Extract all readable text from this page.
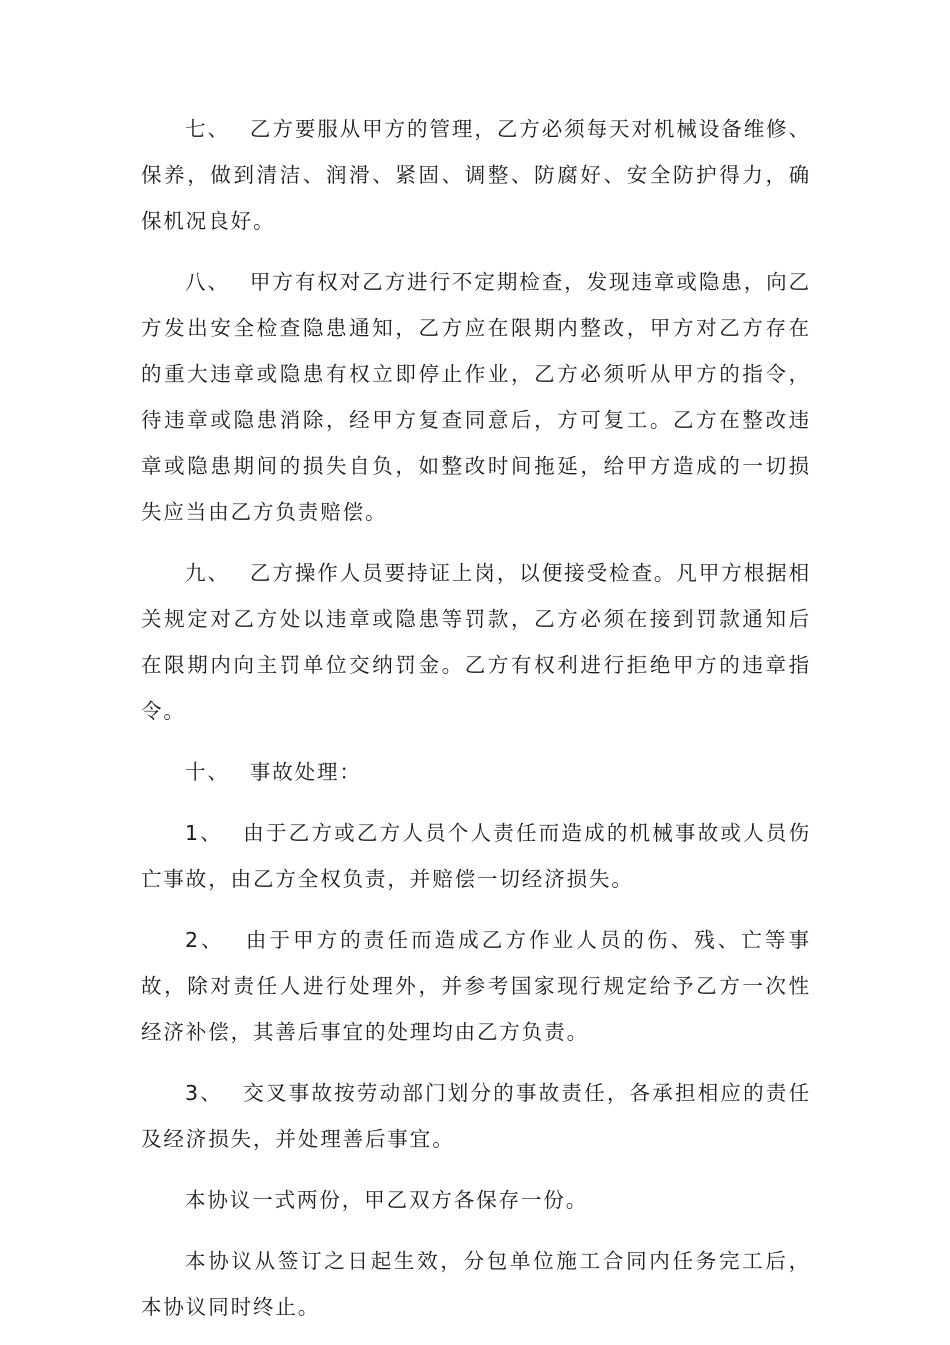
七、 乙方要服从甲方的管理，乙方必须每天对机械设备维修、保养，做到清洁、润滑、紧固、调整、防腐好、安全防护得力，确保机况良好。

八、 甲方有权对乙方进行不定期检查，发现违章或隐患，向乙方发出安全检查隐患通知，乙方应在限期内整改，甲方对乙方存在的重大违章或隐患有权立即停止作业，乙方必须听从甲方的指令，待违章或隐患消除，经甲方复查同意后，方可复工。乙方在整改违章或隐患期间的损失自负，如整改时间拖延，给甲方造成的一切损失应当由乙方负责赔偿。

九、 乙方操作人员要持证上岗，以便接受检查。凡甲方根据相关规定对乙方处以违章或隐患等罚款，乙方必须在接到罚款通知后在限期内向主罚单位交纳罚金。乙方有权利进行拒绝甲方的违章指令。

十、 事故处理：

1、 由于乙方或乙方人员个人责任而造成的机械事故或人员伤亡事故，由乙方全权负责，并赔偿一切经济损失。

2、 由于甲方的责任而造成乙方作业人员的伤、残、亡等事故，除对责任人进行处理外，并参考国家现行规定给予乙方一次性经济补偿，其善后事宜的处理均由乙方负责。

3、 交叉事故按劳动部门划分的事故责任，各承担相应的责任及经济损失，并处理善后事宜。

本协议一式两份，甲乙双方各保存一份。

本协议从签订之日起生效，分包单位施工合同内任务完工后，本协议同时终止。
